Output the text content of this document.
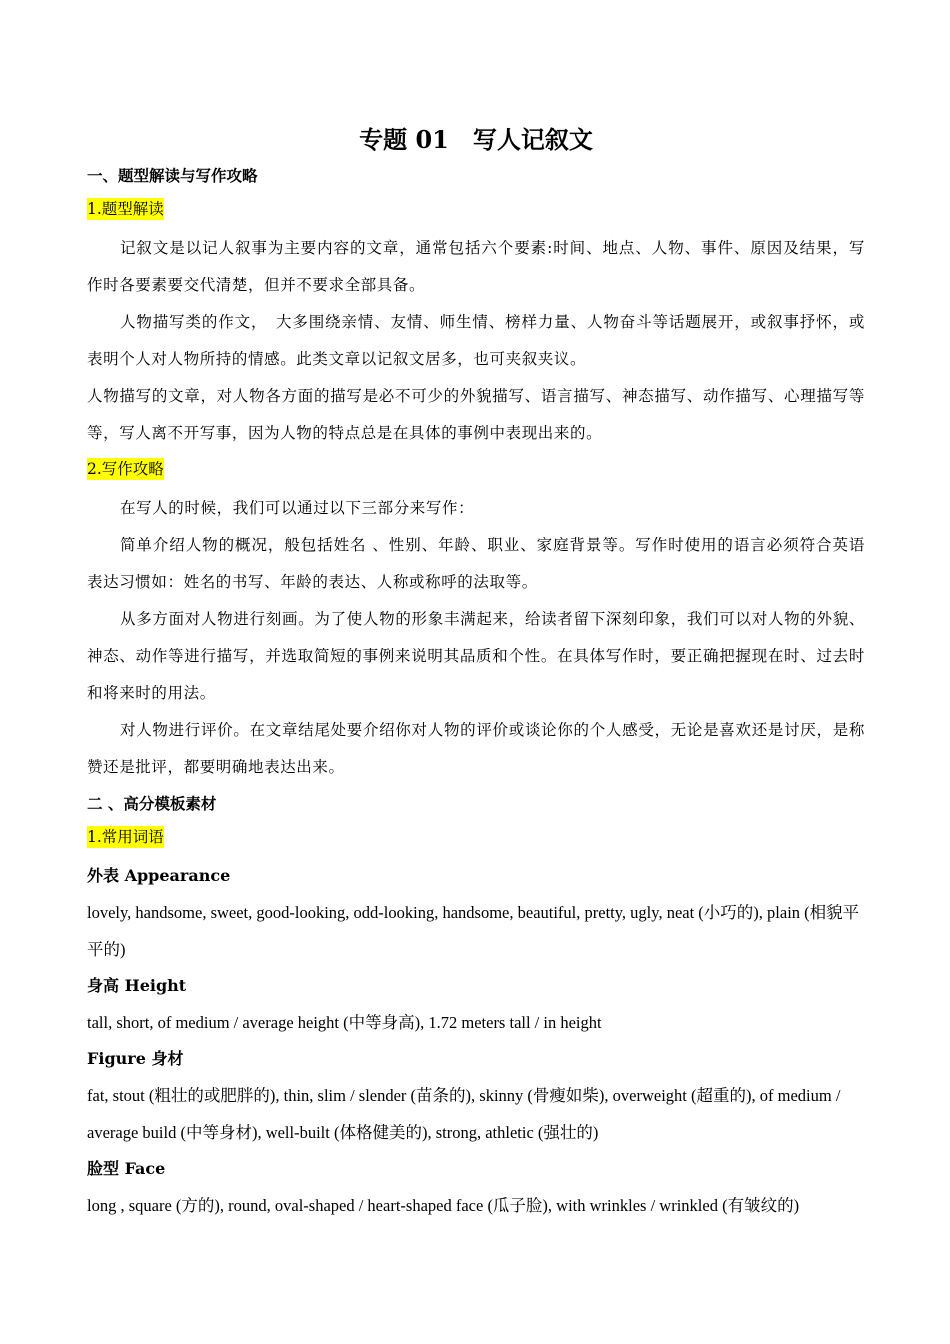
专题 01　写人记叙文
一、题型解读与写作攻略
1.题型解读

记叙文是以记人叙事为主要内容的文章，通常包括六个要素:时间、地点、人物、事件、原因及结果，写作时各要素要交代清楚，但并不要求全部具备。

人物描写类的作文，　大多围绕亲情、友情、师生情、榜样力量、人物奋斗等话题展开，或叙事抒怀，或表明个人对人物所持的情感。此类文章以记叙文居多，也可夹叙夹议。

人物描写的文章，对人物各方面的描写是必不可少的外貌描写、语言描写、神态描写、动作描写、心理描写等等，写人离不开写事，因为人物的特点总是在具体的事例中表现出来的。

2.写作攻略

在写人的时候，我们可以通过以下三部分来写作：

简单介绍人物的概况，般包括姓名 、性别、年龄、职业、家庭背景等。写作时使用的语言必须符合英语表达习惯如：姓名的书写、年龄的表达、人称或称呼的法取等。

从多方面对人物进行刻画。为了使人物的形象丰满起来，给读者留下深刻印象，我们可以对人物的外貌、神态、动作等进行描写，并选取简短的事例来说明其品质和个性。在具体写作时，要正确把握现在时、过去时和将来时的用法。

对人物进行评价。在文章结尾处要介绍你对人物的评价或谈论你的个人感受，无论是喜欢还是讨厌，是称赞还是批评，都要明确地表达出来。

二 、高分模板素材
1.常用词语
外表 Appearance

lovely, handsome, sweet, good-looking, odd-looking, handsome, beautiful, pretty, ugly, neat (小巧的), plain (相貌平平的)

身高 Height

tall, short, of medium / average height (中等身高), 1.72 meters tall / in height

Figure 身材

fat, stout (粗壮的或肥胖的), thin, slim / slender (苗条的), skinny (骨瘦如柴), overweight (超重的), of medium / average build (中等身材), well-built (体格健美的), strong, athletic (强壮的)

脸型 Face

long , square (方的), round, oval-shaped / heart-shaped face (瓜子脸), with wrinkles / wrinkled (有皱纹的)
